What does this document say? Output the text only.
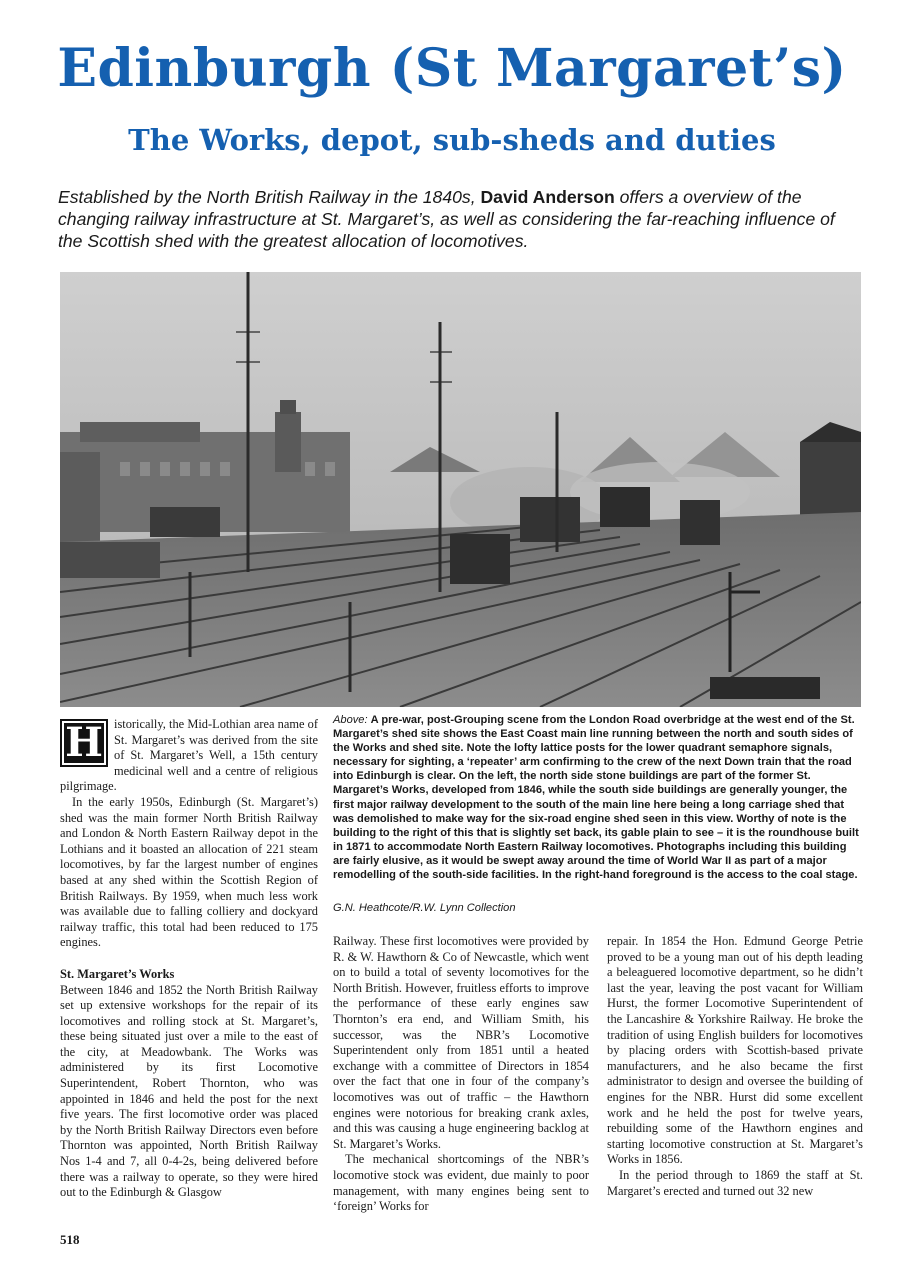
Edinburgh (St Margaret’s)
The Works, depot, sub-sheds and duties

Established by the North British Railway in the 1840s, David Anderson offers a overview of the changing railway infrastructure at St. Margaret’s, as well as considering the far-reaching influence of the Scottish shed with the greatest allocation of locomotives.

H istorically, the Mid-Lothian area name of St. Margaret’s was derived from the site of St. Margaret’s Well, a 15th century medicinal well and a centre of religious pilgrimage.

In the early 1950s, Edinburgh (St. Margaret’s) shed was the main former North British Railway and London & North Eastern Railway depot in the Lothians and it boasted an allocation of 221 steam locomotives, by far the largest number of engines based at any shed within the Scottish Region of British Railways. By 1959, when much less work was available due to falling colliery and dockyard railway traffic, this total had been reduced to 175 engines.

St. Margaret’s Works

Between 1846 and 1852 the North British Railway set up extensive workshops for the repair of its locomotives and rolling stock at St. Margaret’s, these being situated just over a mile to the east of the city, at Meadowbank. The Works was administered by its first Locomotive Superintendent, Robert Thornton, who was appointed in 1846 and held the post for the next five years. The first locomotive order was placed by the North British Railway Directors even before Thornton was appointed, North British Railway Nos 1-4 and 7, all 0-4-2s, being delivered before there was a railway to operate, so they were hired out to the Edinburgh & Glasgow

Above: A pre-war, post-Grouping scene from the London Road overbridge at the west end of the St. Margaret’s shed site shows the East Coast main line running between the north and south sides of the Works and shed site. Note the lofty lattice posts for the lower quadrant semaphore signals, necessary for sighting, a ‘repeater’ arm confirming to the crew of the next Down train that the road into Edinburgh is clear. On the left, the north side stone buildings are part of the former St. Margaret’s Works, developed from 1846, while the south side buildings are generally younger, the first major railway development to the south of the main line here being a long carriage shed that was demolished to make way for the six-road engine shed seen in this view. Worthy of note is the building to the right of this that is slightly set back, its gable plain to see – it is the roundhouse built in 1871 to accommodate North Eastern Railway locomotives. Photographs including this building are fairly elusive, as it would be swept away around the time of World War II as part of a major remodelling of the south-side facilities. In the right-hand foreground is the access to the coal stage.

G.N. Heathcote/R.W. Lynn Collection

Railway. These first locomotives were provided by R. & W. Hawthorn & Co of Newcastle, which went on to build a total of seventy locomotives for the North British. However, fruitless efforts to improve the performance of these early engines saw Thornton’s era end, and William Smith, his successor, was the NBR’s Locomotive Superintendent only from 1851 until a heated exchange with a committee of Directors in 1854 over the fact that one in four of the company’s locomotives was out of traffic – the Hawthorn engines were notorious for breaking crank axles, and this was causing a huge engineering backlog at St. Margaret’s Works.

The mechanical shortcomings of the NBR’s locomotive stock was evident, due mainly to poor management, with many engines being sent to ‘foreign’ Works for

repair. In 1854 the Hon. Edmund George Petrie proved to be a young man out of his depth leading a beleaguered locomotive department, so he didn’t last the year, leaving the post vacant for William Hurst, the former Locomotive Superintendent of the Lancashire & Yorkshire Railway. He broke the tradition of using English builders for locomotives by placing orders with Scottish-based private manufacturers, and he also became the first administrator to design and oversee the building of engines for the NBR. Hurst did some excellent work and he held the post for twelve years, rebuilding some of the Hawthorn engines and starting locomotive construction at St. Margaret’s Works in 1856.

In the period through to 1869 the staff at St. Margaret’s erected and turned out 32 new

518
